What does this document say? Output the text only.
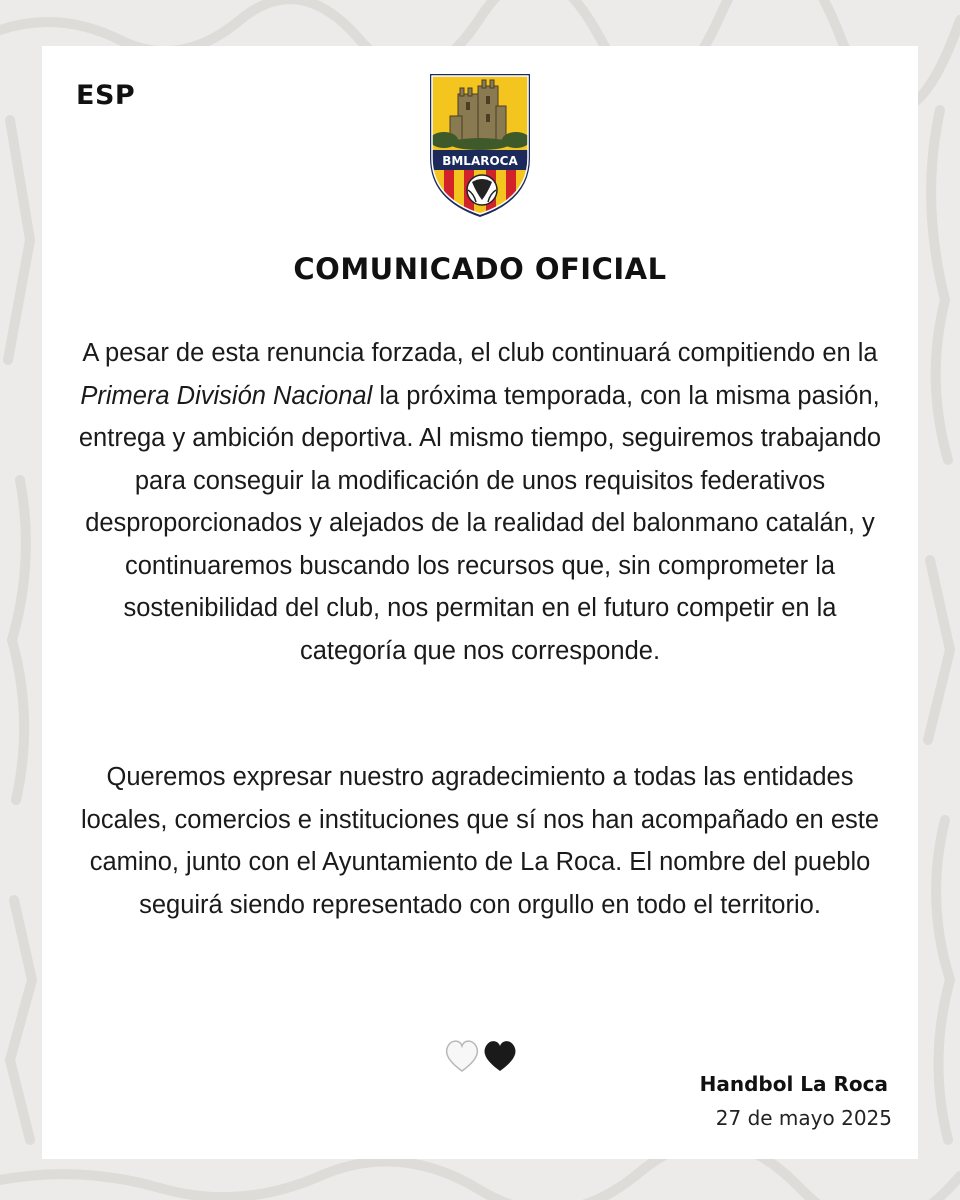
ESP
BMLAROCA
COMUNICADO OFICIAL
A pesar de esta renuncia forzada, el club continuará compitiendo en la Primera División Nacional la próxima temporada, con la misma pasión, entrega y ambición deportiva. Al mismo tiempo, seguiremos trabajando para conseguir la modificación de unos requisitos federativos desproporcionados y alejados de la realidad del balonmano catalán, y continuaremos buscando los recursos que, sin comprometer la sostenibilidad del club, nos permitan en el futuro competir en la categoría que nos corresponde.
Queremos expresar nuestro agradecimiento a todas las entidades locales, comercios e instituciones que sí nos han acompañado en este camino, junto con el Ayuntamiento de La Roca. El nombre del pueblo seguirá siendo representado con orgullo en todo el territorio.
Handbol La Roca
27 de mayo 2025
